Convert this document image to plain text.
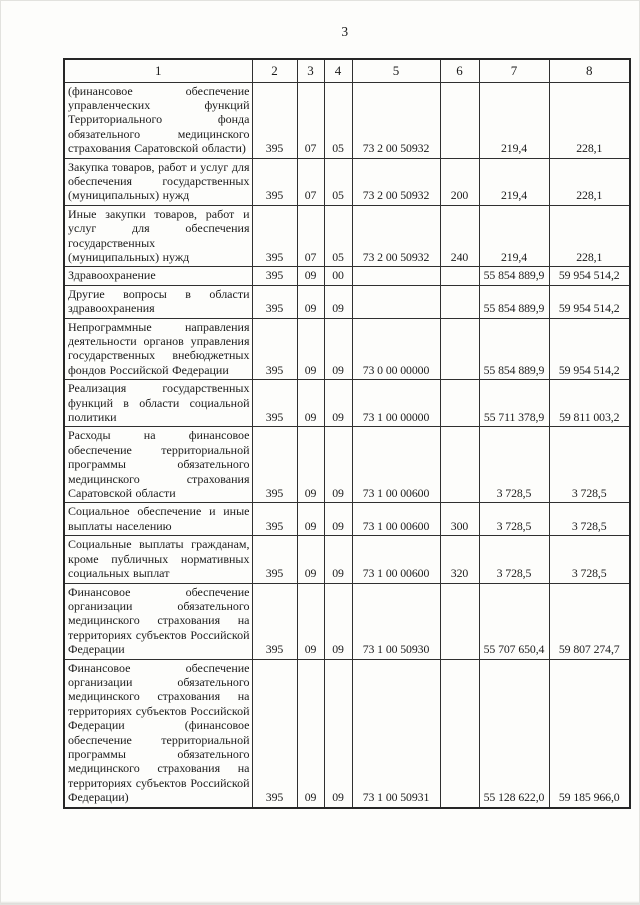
3
1	2	3	4	5	6	7	8
(финансовое обеспечение управленческих функций Территориального фонда обязательного медицинского страхования Саратовской области)	395	07	05	73 2 00 50932		219,4	228,1
Закупка товаров, работ и услуг для обеспечения государственных (муниципальных) нужд	395	07	05	73 2 00 50932	200	219,4	228,1
Иные закупки товаров, работ и услуг для обеспечения государственных (муниципальных) нужд	395	07	05	73 2 00 50932	240	219,4	228,1
Здравоохранение	395	09	00			55 854 889,9	59 954 514,2
Другие вопросы в области здравоохранения	395	09	09			55 854 889,9	59 954 514,2
Непрограммные направления деятельности органов управления государственных внебюджетных фондов Российской Федерации	395	09	09	73 0 00 00000		55 854 889,9	59 954 514,2
Реализация государственных функций в области социальной политики	395	09	09	73 1 00 00000		55 711 378,9	59 811 003,2
Расходы на финансовое обеспечение территориальной программы обязательного медицинского страхования Саратовской области	395	09	09	73 1 00 00600		3 728,5	3 728,5
Социальное обеспечение и иные выплаты населению	395	09	09	73 1 00 00600	300	3 728,5	3 728,5
Социальные выплаты гражданам, кроме публичных нормативных социальных выплат	395	09	09	73 1 00 00600	320	3 728,5	3 728,5
Финансовое обеспечение организации обязательного медицинского страхования на территориях субъектов Российской Федерации	395	09	09	73 1 00 50930		55 707 650,4	59 807 274,7
Финансовое обеспечение организации обязательного медицинского страхования на территориях субъектов Российской Федерации (финансовое обеспечение территориальной программы обязательного медицинского страхования на территориях субъектов Российской Федерации)	395	09	09	73 1 00 50931		55 128 622,0	59 185 966,0
